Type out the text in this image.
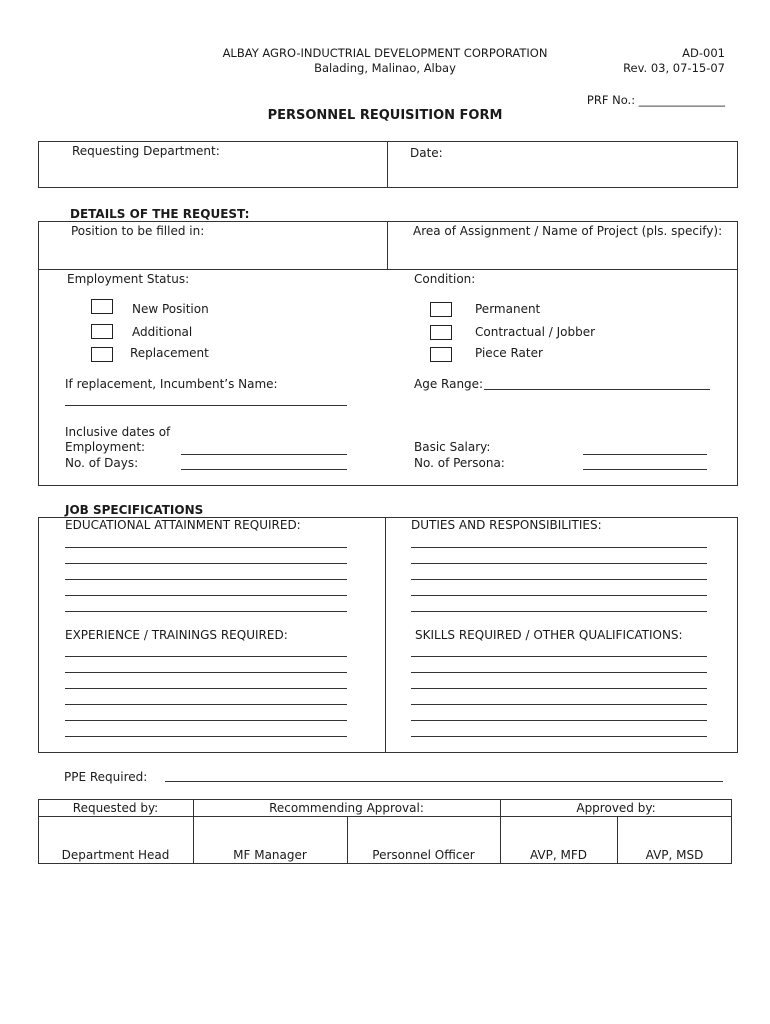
ALBAY AGRO-INDUCTRIAL DEVELOPMENT CORPORATION
Balading, Malinao, Albay
AD-001
Rev. 03, 07-15-07
PRF No.: _______________
PERSONNEL REQUISITION FORM
Requesting Department:	Date:
DETAILS OF THE REQUEST:
Position to be filled in:	Area of Assignment / Name of Project (pls. specify):
Employment Status:	Condition:
New Position
Additional
Replacement
Permanent
Contractual / Jobber
Piece Rater
If replacement, Incumbent’s Name:	Age Range:
Inclusive dates of
Employment:
No. of Days:
Basic Salary:
No. of Persona:
JOB SPECIFICATIONS
EDUCATIONAL ATTAINMENT REQUIRED:	DUTIES AND RESPONSIBILITIES:
EXPERIENCE / TRAININGS REQUIRED:	SKILLS REQUIRED / OTHER QUALIFICATIONS:
PPE Required:
Requested by:	Recommending Approval:	Approved by:
Department Head	MF Manager	Personnel Officer	AVP, MFD	AVP, MSD
